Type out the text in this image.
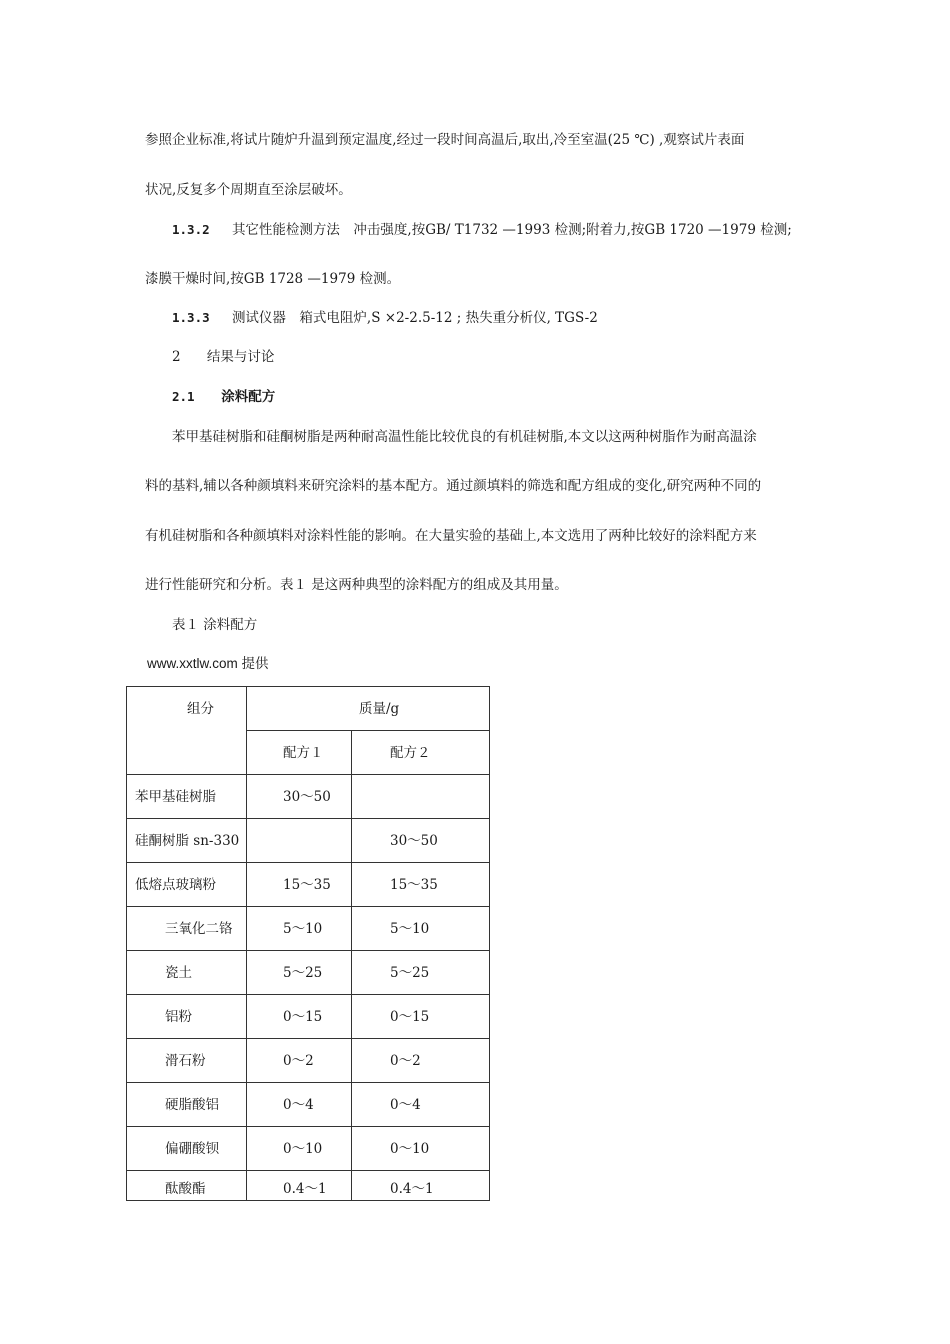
参照企业标准,将试片随炉升温到预定温度,经过一段时间高温后,取出,冷至室温(25 ℃) ,观察试片表面
状况,反复多个周期直至涂层破坏。
1.3.2 其它性能检测方法　冲击强度,按GB/ T1732 —1993 检测;附着力,按GB 1720 —1979 检测;
漆膜干燥时间,按GB 1728 —1979 检测。
1.3.3 测试仪器　箱式电阻炉,S ×2-2.5-12 ; 热失重分析仪, TGS-2
2 结果与讨论
2.1 涂料配方
苯甲基硅树脂和硅酮树脂是两种耐高温性能比较优良的有机硅树脂,本文以这两种树脂作为耐高温涂
料的基料,辅以各种颜填料来研究涂料的基本配方。通过颜填料的筛选和配方组成的变化,研究两种不同的
有机硅树脂和各种颜填料对涂料性能的影响。在大量实验的基础上,本文选用了两种比较好的涂料配方来
进行性能研究和分析。表１ 是这两种典型的涂料配方的组成及其用量。
表１ 涂料配方
www.xxtlw.com 提供
组分	质量/g	
	配方１	配方２
苯甲基硅树脂	30～50	
硅酮树脂 sn-330		30～50
低熔点玻璃粉	15～35	15～35
三氧化二铬	5～10	5～10
瓷土	5～25	5～25
铝粉	0～15	0～15
滑石粉	0～2	0～2
硬脂酸铝	0～4	0～4
偏硼酸钡	0～10	0～10
酞酸酯	0.4～1	0.4～1
